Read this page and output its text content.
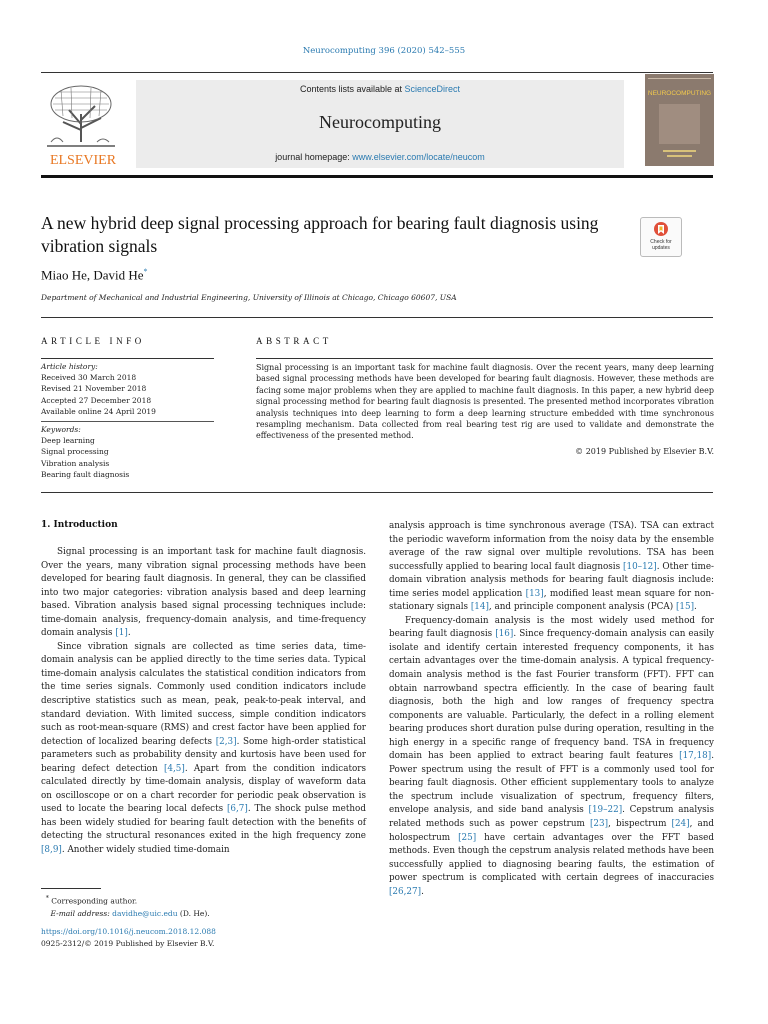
Neurocomputing 396 (2020) 542–555
ELSEVIER
Contents lists available at ScienceDirect
Neurocomputing
journal homepage: www.elsevier.com/locate/neucom
NEUROCOMPUTING
A new hybrid deep signal processing approach for bearing fault diagnosis using vibration signals	Check for updates
Miao He, David He*
Department of Mechanical and Industrial Engineering, University of Illinois at Chicago, Chicago 60607, USA
ARTICLE INFO	ABSTRACT
Article history:
Received 30 March 2018
Revised 21 November 2018
Accepted 27 December 2018
Available online 24 April 2019
Keywords:
Deep learning
Signal processing
Vibration analysis
Bearing fault diagnosis
Signal processing is an important task for machine fault diagnosis. Over the recent years, many deep learning based signal processing methods have been developed for bearing fault diagnosis. However, these methods are facing some major problems when they are applied to machine fault diagnosis. In this paper, a new hybrid deep signal processing method for bearing fault diagnosis is presented. The presented method incorporates vibration analysis techniques into deep learning to form a deep learning structure embedded with time synchronous resampling mechanism. Data collected from real bearing test rig are used to validate and demonstrate the effectiveness of the presented method.
© 2019 Published by Elsevier B.V.
1. Introduction

Signal processing is an important task for machine fault diagnosis. Over the years, many vibration signal processing methods have been developed for bearing fault diagnosis. In general, they can be classified into two major categories: vibration analysis based and deep learning based. Vibration analysis based signal processing techniques include: time-domain analysis, frequency-domain analysis, and time-frequency domain analysis [1].

Since vibration signals are collected as time series data, time-domain analysis can be applied directly to the time series data. Typical time-domain analysis calculates the statistical condition indicators from the time series signals. Commonly used condition indicators include descriptive statistics such as mean, peak, peak-to-peak interval, and standard deviation. With limited success, simple condition indicators such as root-mean-square (RMS) and crest factor have been applied for detection of localized bearing defects [2,3]. Some high-order statistical parameters such as probability density and kurtosis have been used for bearing defect detection [4,5]. Apart from the condition indicators calculated directly by time-domain analysis, display of waveform data on oscilloscope or on a chart recorder for periodic peak observation is used to locate the bearing local defects [6,7]. The shock pulse method has been widely studied for bearing fault detection with the benefits of detecting the structural resonances exited in the high frequency zone [8,9]. Another widely studied time-domain

analysis approach is time synchronous average (TSA). TSA can extract the periodic waveform information from the noisy data by the ensemble average of the raw signal over multiple revolutions. TSA has been successfully applied to bearing local fault diagnosis [10–12]. Other time-domain vibration analysis methods for bearing fault diagnosis include: time series model application [13], modified least mean square for non-stationary signals [14], and principle component analysis (PCA) [15].

Frequency-domain analysis is the most widely used method for bearing fault diagnosis [16]. Since frequency-domain analysis can easily isolate and identify certain interested frequency components, it has certain advantages over the time-domain analysis. A typical frequency-domain analysis method is the fast Fourier transform (FFT). FFT can obtain narrowband spectra efficiently. In the case of bearing fault diagnosis, both the high and low ranges of frequency spectra components are valuable. Particularly, the defect in a rolling element bearing produces short duration pulse during operation, resulting in the high energy in a specific range of frequency band. TSA in frequency domain has been applied to extract bearing fault features [17,18]. Power spectrum using the result of FFT is a commonly used tool for bearing fault diagnosis. Other efficient supplementary tools to analyze the spectrum include visualization of spectrum, frequency filters, envelope analysis, and side band analysis [19–22]. Cepstrum analysis related methods such as power cepstrum [23], bispectrum [24], and holospectrum [25] have certain advantages over the FFT based methods. Even though the cepstrum analysis related methods have been successfully applied to diagnosing bearing faults, the estimation of power spectrum is complicated with certain degrees of inaccuracies [26,27].

* Corresponding author.
E-mail address: davidhe@uic.edu (D. He).
https://doi.org/10.1016/j.neucom.2018.12.088
0925-2312/© 2019 Published by Elsevier B.V.
